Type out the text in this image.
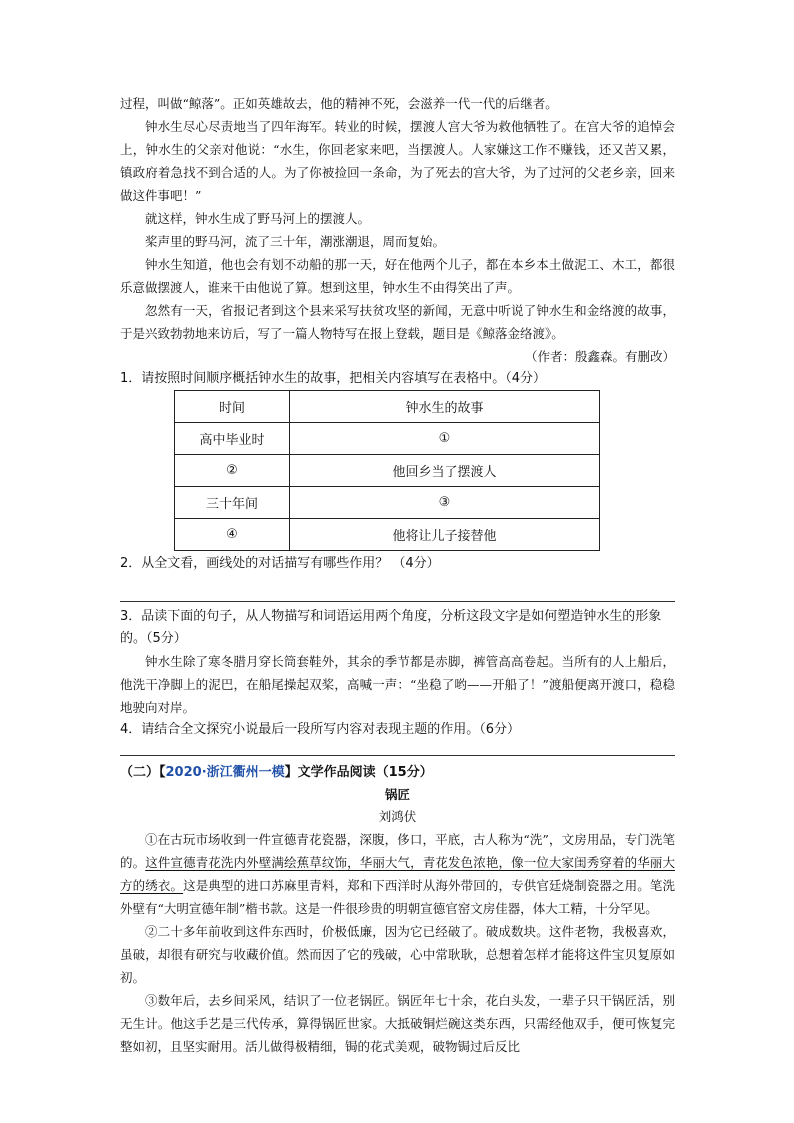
过程，叫做“鲸落”。正如英雄故去，他的精神不死，会滋养一代一代的后继者。

钟水生尽心尽责地当了四年海军。转业的时候，摆渡人宫大爷为救他牺牲了。在宫大爷的追悼会上，钟水生的父亲对他说：“水生，你回老家来吧，当摆渡人。人家嫌这工作不赚钱，还又苦又累，镇政府着急找不到合适的人。为了你被捡回一条命，为了死去的宫大爷，为了过河的父老乡亲，回来做这件事吧！”

就这样，钟水生成了野马河上的摆渡人。

桨声里的野马河，流了三十年，潮涨潮退，周而复始。

钟水生知道，他也会有划不动船的那一天，好在他两个儿子，都在本乡本土做泥工、木工，都很乐意做摆渡人，谁来干由他说了算。想到这里，钟水生不由得笑出了声。

忽然有一天，省报记者到这个县来采写扶贫攻坚的新闻，无意中听说了钟水生和金络渡的故事，于是兴致勃勃地来访后，写了一篇人物特写在报上登载，题目是《鲸落金络渡》。

（作者：殷鑫森。有删改）

1．请按照时间顺序概括钟水生的故事，把相关内容填写在表格中。（4分）

时间	钟水生的故事
高中毕业时	①
②	他回乡当了摆渡人
三十年间	③
④	他将让儿子接替他

2．从全文看，画线处的对话描写有哪些作用？ （4分）

3．品读下面的句子，从人物描写和词语运用两个角度，分析这段文字是如何塑造钟水生的形象的。（5分）

钟水生除了寒冬腊月穿长筒套鞋外，其余的季节都是赤脚，裤管高高卷起。当所有的人上船后，他洗干净脚上的泥巴，在船尾操起双桨，高喊一声：“坐稳了哟——开船了！”渡船便离开渡口，稳稳地驶向对岸。

4．请结合全文探究小说最后一段所写内容对表现主题的作用。（6分）

（二）【2020·浙江衢州一模】文学作品阅读（15分）

锅匠

刘鸿伏

①在古玩市场收到一件宣德青花瓷器，深腹，侈口，平底，古人称为“洗”，文房用品，专门洗笔的。这件宣德青花洗内外壁满绘蕉草纹饰，华丽大气，青花发色浓艳，像一位大家闺秀穿着的华丽大方的绣衣。这是典型的进口苏麻里青料，郑和下西洋时从海外带回的，专供官廷烧制瓷器之用。笔洗外壁有“大明宣德年制”楷书款。这是一件很珍贵的明朝宣德官窑文房佳器，体大工精，十分罕见。

②二十多年前收到这件东西时，价极低廉，因为它已经破了。破成数块。这件老物，我极喜欢，虽破，却很有研究与收藏价值。然而因了它的残破，心中常耿耿，总想着怎样才能将这件宝贝复原如初。

③数年后，去乡间采风，结识了一位老锅匠。锅匠年七十余，花白头发，一辈子只干锅匠活，别无生计。他这手艺是三代传承，算得锅匠世家。大抵破铜烂碗这类东西，只需经他双手，便可恢复完整如初，且坚实耐用。活儿做得极精细，锔的花式美观，破物锔过后反比
